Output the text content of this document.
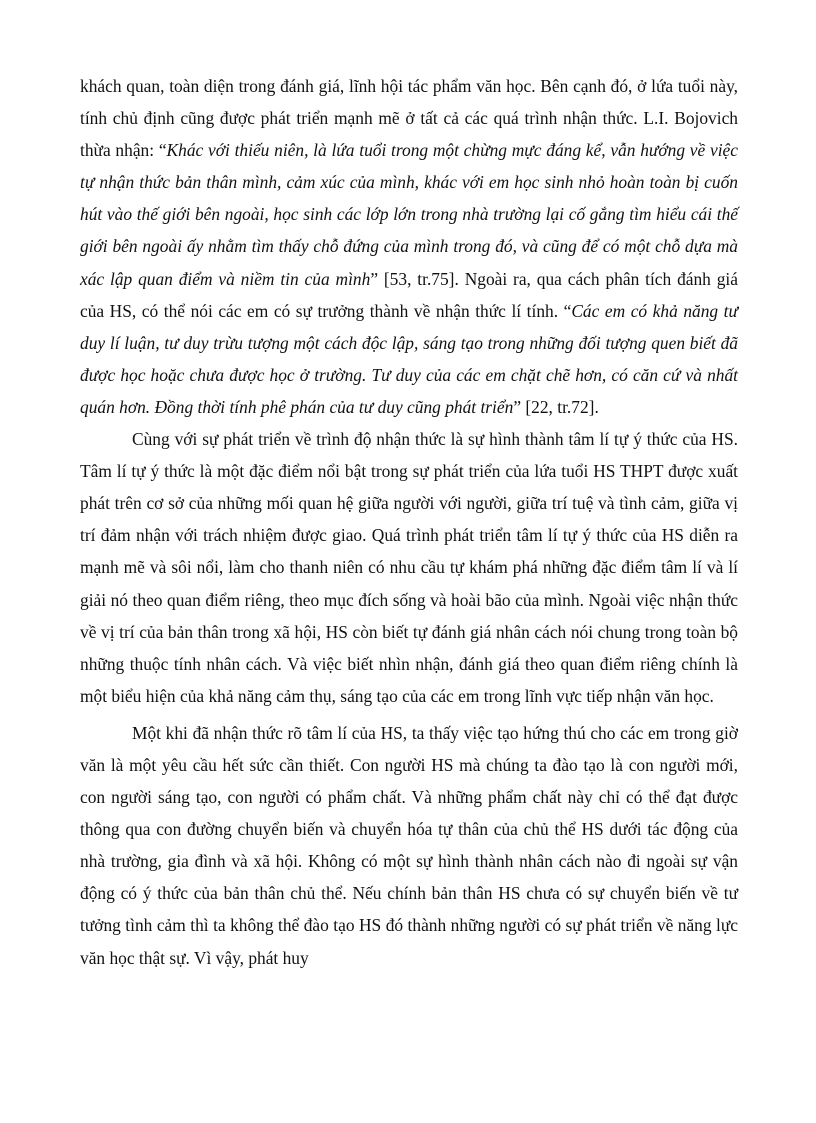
khách quan, toàn diện trong đánh giá, lĩnh hội tác phẩm văn học. Bên cạnh đó, ở lứa tuổi này, tính chủ định cũng được phát triển mạnh mẽ ở tất cả các quá trình nhận thức. L.I. Bojovich thừa nhận: “Khác với thiếu niên, là lứa tuổi trong một chừng mực đáng kể, vẫn hướng về việc tự nhận thức bản thân mình, cảm xúc của mình, khác với em học sinh nhỏ hoàn toàn bị cuốn hút vào thế giới bên ngoài, học sinh các lớp lớn trong nhà trường lại cố gắng tìm hiểu cái thế giới bên ngoài ấy nhằm tìm thấy chỗ đứng của mình trong đó, và cũng để có một chỗ dựa mà xác lập quan điểm và niềm tin của mình” [53, tr.75]. Ngoài ra, qua cách phân tích đánh giá của HS, có thể nói các em có sự trưởng thành về nhận thức lí tính. “Các em có khả năng tư duy lí luận, tư duy trừu tượng một cách độc lập, sáng tạo trong những đối tượng quen biết đã được học hoặc chưa được học ở trường. Tư duy của các em chặt chẽ hơn, có căn cứ và nhất quán hơn. Đồng thời tính phê phán của tư duy cũng phát triển” [22, tr.72].

Cùng với sự phát triển về trình độ nhận thức là sự hình thành tâm lí tự ý thức của HS. Tâm lí tự ý thức là một đặc điểm nổi bật trong sự phát triển của lứa tuổi HS THPT được xuất phát trên cơ sở của những mối quan hệ giữa người với người, giữa trí tuệ và tình cảm, giữa vị trí đảm nhận với trách nhiệm được giao. Quá trình phát triển tâm lí tự ý thức của HS diễn ra mạnh mẽ và sôi nổi, làm cho thanh niên có nhu cầu tự khám phá những đặc điểm tâm lí và lí giải nó theo quan điểm riêng, theo mục đích sống và hoài bão của mình. Ngoài việc nhận thức về vị trí của bản thân trong xã hội, HS còn biết tự đánh giá nhân cách nói chung trong toàn bộ những thuộc tính nhân cách. Và việc biết nhìn nhận, đánh giá theo quan điểm riêng chính là một biểu hiện của khả năng cảm thụ, sáng tạo của các em trong lĩnh vực tiếp nhận văn học.

Một khi đã nhận thức rõ tâm lí của HS, ta thấy việc tạo hứng thú cho các em trong giờ văn là một yêu cầu hết sức cần thiết. Con người HS mà chúng ta đào tạo là con người mới, con người sáng tạo, con người có phẩm chất. Và những phẩm chất này chỉ có thể đạt được thông qua con đường chuyển biến và chuyển hóa tự thân của chủ thể HS dưới tác động của nhà trường, gia đình và xã hội. Không có một sự hình thành nhân cách nào đi ngoài sự vận động có ý thức của bản thân chủ thể. Nếu chính bản thân HS chưa có sự chuyển biến về tư tưởng tình cảm thì ta không thể đào tạo HS đó thành những người có sự phát triển về năng lực văn học thật sự. Vì vậy, phát huy
